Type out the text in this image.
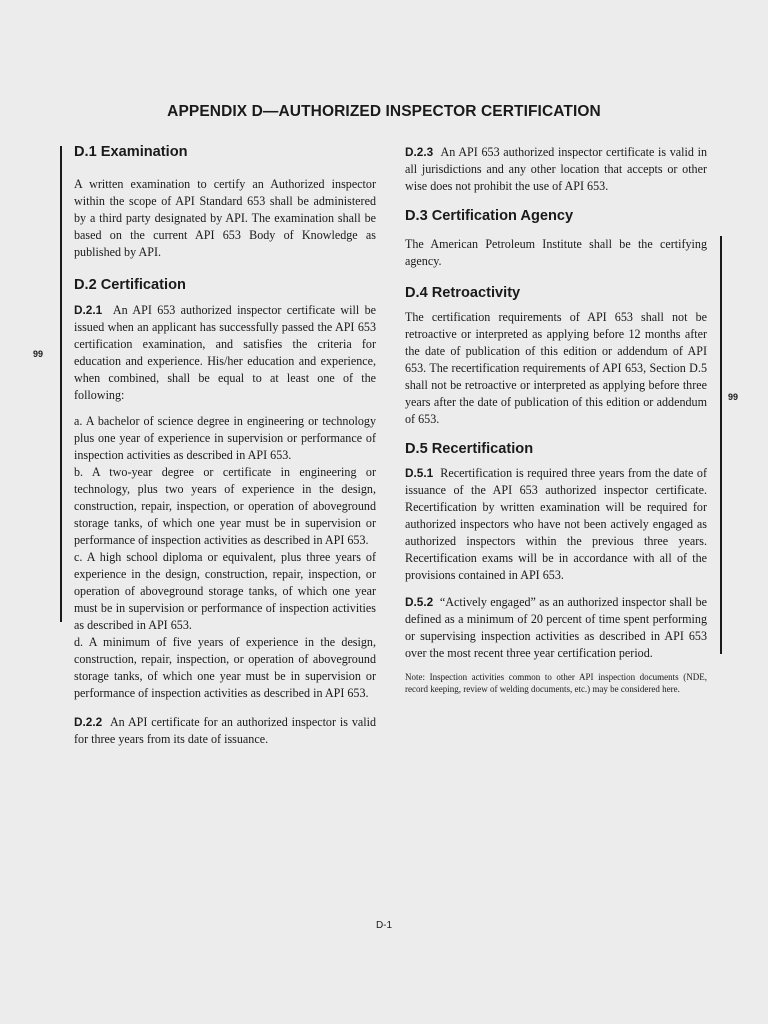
APPENDIX D—AUTHORIZED INSPECTOR CERTIFICATION
99
99
D.1 Examination

A written examination to certify an Authorized inspector within the scope of API Standard 653 shall be administered by a third party designated by API. The examination shall be based on the current API 653 Body of Knowledge as published by API.

D.2 Certification

D.2.1 An API 653 authorized inspector certificate will be issued when an applicant has successfully passed the API 653 certification examination, and satisfies the criteria for education and experience. His/her education and experience, when combined, shall be equal to at least one of the following:

a. A bachelor of science degree in engineering or technology plus one year of experience in supervision or performance of inspection activities as described in API 653.

b. A two-year degree or certificate in engineering or technology, plus two years of experience in the design, construction, repair, inspection, or operation of aboveground storage tanks, of which one year must be in supervision or performance of inspection activities as described in API 653.

c. A high school diploma or equivalent, plus three years of experience in the design, construction, repair, inspection, or operation of aboveground storage tanks, of which one year must be in supervision or performance of inspection activities as described in API 653.

d. A minimum of five years of experience in the design, construction, repair, inspection, or operation of aboveground storage tanks, of which one year must be in supervision or performance of inspection activities as described in API 653.

D.2.2 An API certificate for an authorized inspector is valid for three years from its date of issuance.

D.2.3 An API 653 authorized inspector certificate is valid in all jurisdictions and any other location that accepts or other wise does not prohibit the use of API 653.

D.3 Certification Agency

The American Petroleum Institute shall be the certifying agency.

D.4 Retroactivity

The certification requirements of API 653 shall not be retroactive or interpreted as applying before 12 months after the date of publication of this edition or addendum of API 653. The recertification requirements of API 653, Section D.5 shall not be retroactive or interpreted as applying before three years after the date of publication of this edition or addendum of 653.

D.5 Recertification

D.5.1 Recertification is required three years from the date of issuance of the API 653 authorized inspector certificate. Recertification by written examination will be required for authorized inspectors who have not been actively engaged as authorized inspectors within the previous three years. Recertification exams will be in accordance with all of the provisions contained in API 653.

D.5.2 “Actively engaged” as an authorized inspector shall be defined as a minimum of 20 percent of time spent performing or supervising inspection activities as described in API 653 over the most recent three year certification period.

Note: Inspection activities common to other API inspection documents (NDE, record keeping, review of welding documents, etc.) may be considered here.

D-1
